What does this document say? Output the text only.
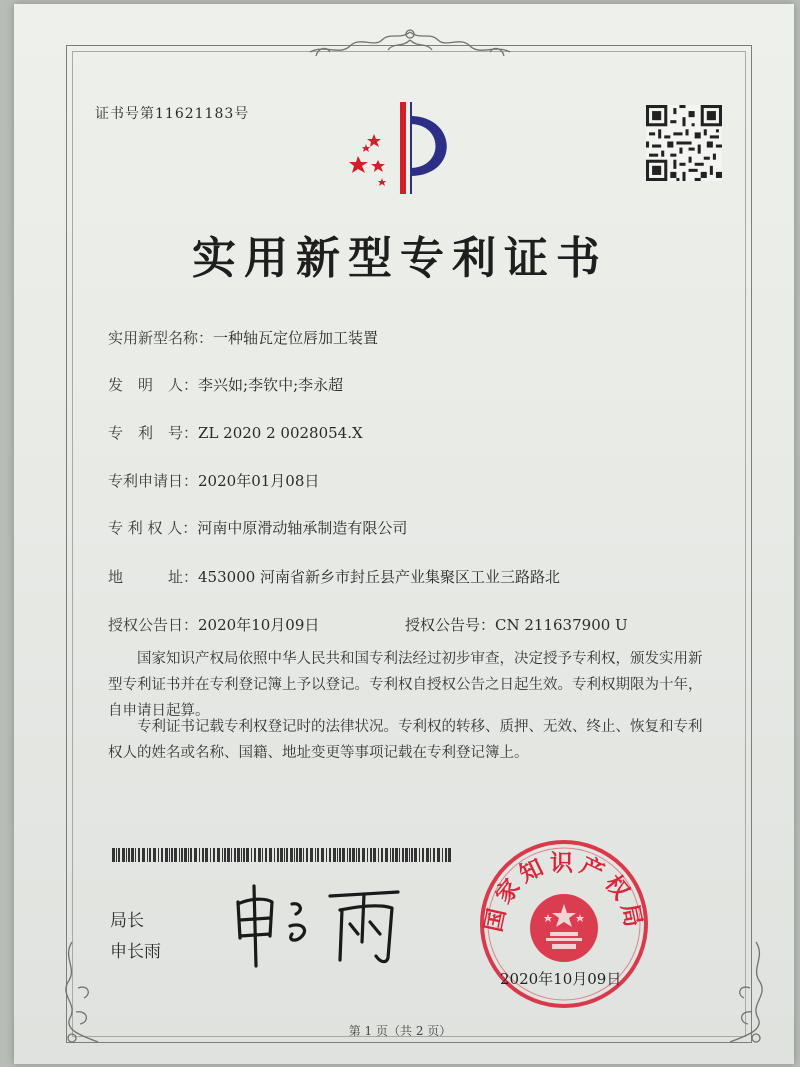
证书号第11621183号
实用新型专利证书
实用新型名称：一种轴瓦定位唇加工装置
发　明　人：李兴如;李钦中;李永超
专　利　号：ZL 2020 2 0028054.X
专利申请日：2020年01月08日
专 利 权 人：河南中原滑动轴承制造有限公司
地　　　址：453000 河南省新乡市封丘县产业集聚区工业三路路北
授权公告日：2020年10月09日	授权公告号：CN 211637900 U
国家知识产权局依照中华人民共和国专利法经过初步审查，决定授予专利权，颁发实用新型专利证书并在专利登记簿上予以登记。专利权自授权公告之日起生效。专利权期限为十年，自申请日起算。
专利证书记载专利权登记时的法律状况。专利权的转移、质押、无效、终止、恢复和专利权人的姓名或名称、国籍、地址变更等事项记载在专利登记簿上。
局长
申长雨
国家知识产权局
2020年10月09日
第 1 页（共 2 页）
